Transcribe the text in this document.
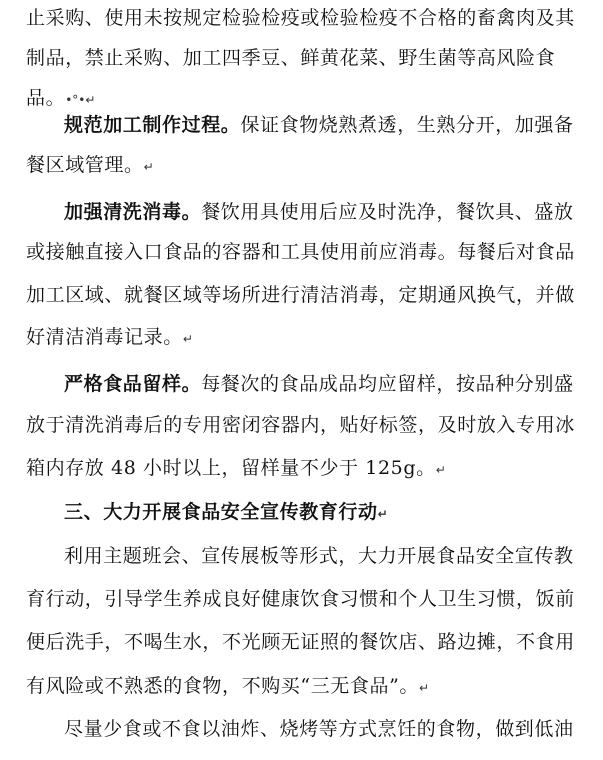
止采购、使用未按规定检验检疫或检验检疫不合格的畜禽肉及其
制品，禁止采购、加工四季豆、鲜黄花菜、野生菌等高风险食
品。•°•↵
规范加工制作过程。保证食物烧熟煮透，生熟分开，加强备
餐区域管理。↵
加强清洗消毒。餐饮用具使用后应及时洗净，餐饮具、盛放
或接触直接入口食品的容器和工具使用前应消毒。每餐后对食品
加工区域、就餐区域等场所进行清洁消毒，定期通风换气，并做
好清洁消毒记录。↵
严格食品留样。每餐次的食品成品均应留样，按品种分别盛
放于清洗消毒后的专用密闭容器内，贴好标签，及时放入专用冰
箱内存放 48 小时以上，留样量不少于 125g。↵
三、大力开展食品安全宣传教育行动↵
利用主题班会、宣传展板等形式，大力开展食品安全宣传教
育行动，引导学生养成良好健康饮食习惯和个人卫生习惯，饭前
便后洗手，不喝生水，不光顾无证照的餐饮店、路边摊，不食用
有风险或不熟悉的食物，不购买“三无食品”。↵
尽量少食或不食以油炸、烧烤等方式烹饪的食物，做到低油
